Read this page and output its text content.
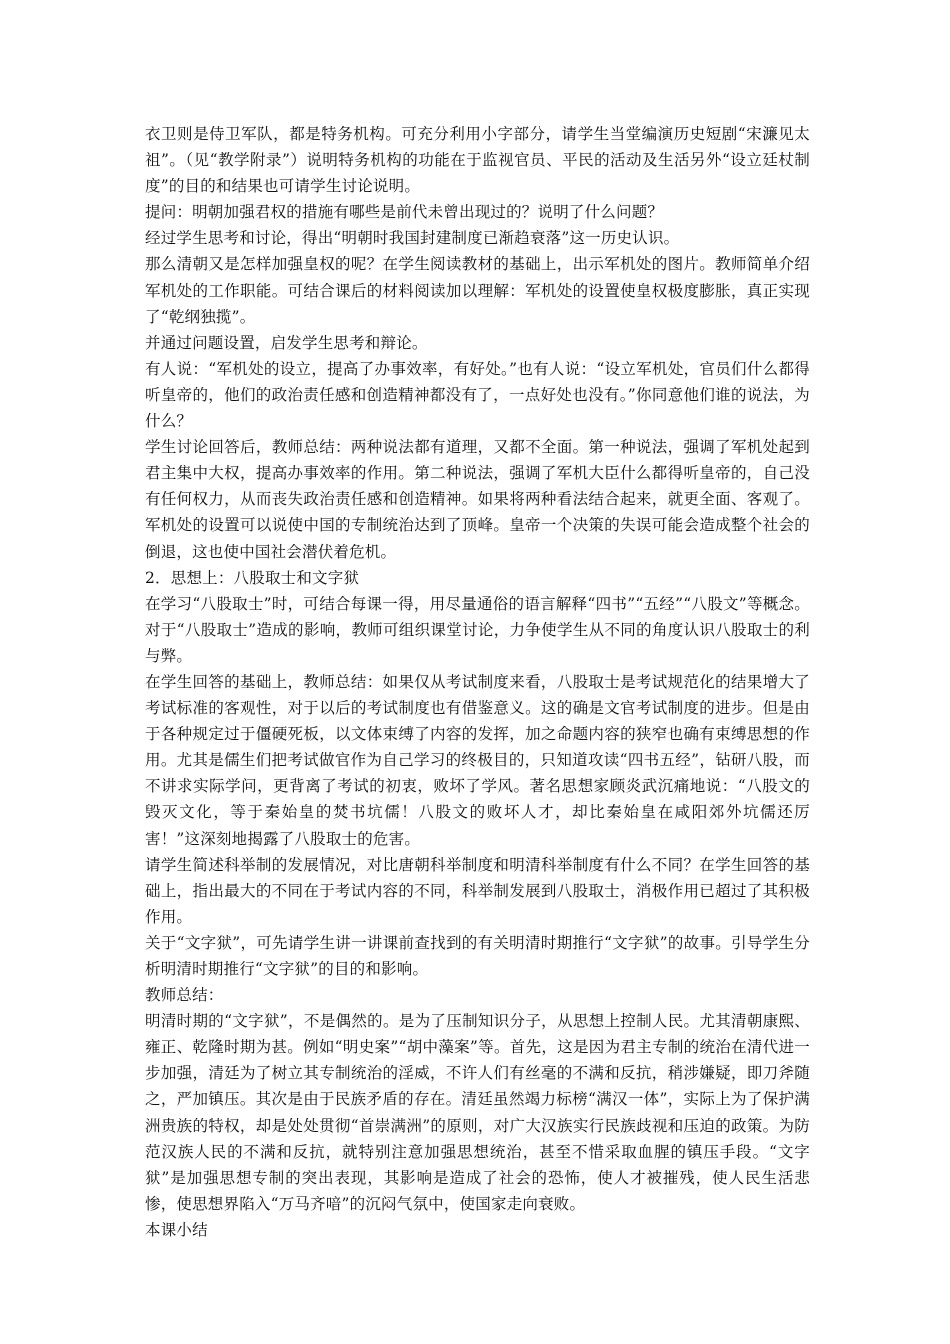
衣卫则是侍卫军队，都是特务机构。可充分利用小字部分，请学生当堂编演历史短剧“宋濂见太祖”。（见“教学附录”）说明特务机构的功能在于监视官员、平民的活动及生活另外“设立廷杖制度”的目的和结果也可请学生讨论说明。

提问：明朝加强君权的措施有哪些是前代未曾出现过的？说明了什么问题？

经过学生思考和讨论，得出“明朝时我国封建制度已渐趋衰落”这一历史认识。

那么清朝又是怎样加强皇权的呢？在学生阅读教材的基础上，出示军机处的图片。教师简单介绍军机处的工作职能。可结合课后的材料阅读加以理解：军机处的设置使皇权极度膨胀，真正实现了“乾纲独揽”。

并通过问题设置，启发学生思考和辩论。

有人说：“军机处的设立，提高了办事效率，有好处。”也有人说：“设立军机处，官员们什么都得听皇帝的，他们的政治责任感和创造精神都没有了，一点好处也没有。”你同意他们谁的说法，为什么？

学生讨论回答后，教师总结：两种说法都有道理，又都不全面。第一种说法，强调了军机处起到君主集中大权，提高办事效率的作用。第二种说法，强调了军机大臣什么都得听皇帝的，自己没有任何权力，从而丧失政治责任感和创造精神。如果将两种看法结合起来，就更全面、客观了。军机处的设置可以说使中国的专制统治达到了顶峰。皇帝一个决策的失误可能会造成整个社会的倒退，这也使中国社会潜伏着危机。

2．思想上：八股取士和文字狱

在学习“八股取士”时，可结合每课一得，用尽量通俗的语言解释“四书”“五经”“八股文”等概念。对于“八股取士”造成的影响，教师可组织课堂讨论，力争使学生从不同的角度认识八股取士的利与弊。

在学生回答的基础上，教师总结：如果仅从考试制度来看，八股取士是考试规范化的结果增大了考试标准的客观性，对于以后的考试制度也有借鉴意义。这的确是文官考试制度的进步。但是由于各种规定过于僵硬死板，以文体束缚了内容的发挥，加之命题内容的狭窄也确有束缚思想的作用。尤其是儒生们把考试做官作为自己学习的终极目的，只知道攻读“四书五经”，钻研八股，而不讲求实际学问，更背离了考试的初衷，败坏了学风。著名思想家顾炎武沉痛地说：“八股文的毁灭文化，等于秦始皇的焚书坑儒！八股文的败坏人才，却比秦始皇在咸阳郊外坑儒还厉害！”这深刻地揭露了八股取士的危害。

请学生简述科举制的发展情况，对比唐朝科举制度和明清科举制度有什么不同？在学生回答的基础上，指出最大的不同在于考试内容的不同，科举制发展到八股取士，消极作用已超过了其积极作用。

关于“文字狱”，可先请学生讲一讲课前查找到的有关明清时期推行“文字狱”的故事。引导学生分析明清时期推行“文字狱”的目的和影响。

教师总结：

明清时期的“文字狱”，不是偶然的。是为了压制知识分子，从思想上控制人民。尤其清朝康熙、雍正、乾隆时期为甚。例如“明史案”“胡中藻案”等。首先，这是因为君主专制的统治在清代进一步加强，清廷为了树立其专制统治的淫威，不许人们有丝毫的不满和反抗，稍涉嫌疑，即刀斧随之，严加镇压。其次是由于民族矛盾的存在。清廷虽然竭力标榜“满汉一体”，实际上为了保护满洲贵族的特权，却是处处贯彻“首崇满洲”的原则，对广大汉族实行民族歧视和压迫的政策。为防范汉族人民的不满和反抗，就特别注意加强思想统治，甚至不惜采取血腥的镇压手段。“文字狱”是加强思想专制的突出表现，其影响是造成了社会的恐怖，使人才被摧残，使人民生活悲惨，使思想界陷入“万马齐喑”的沉闷气氛中，使国家走向衰败。

本课小结
